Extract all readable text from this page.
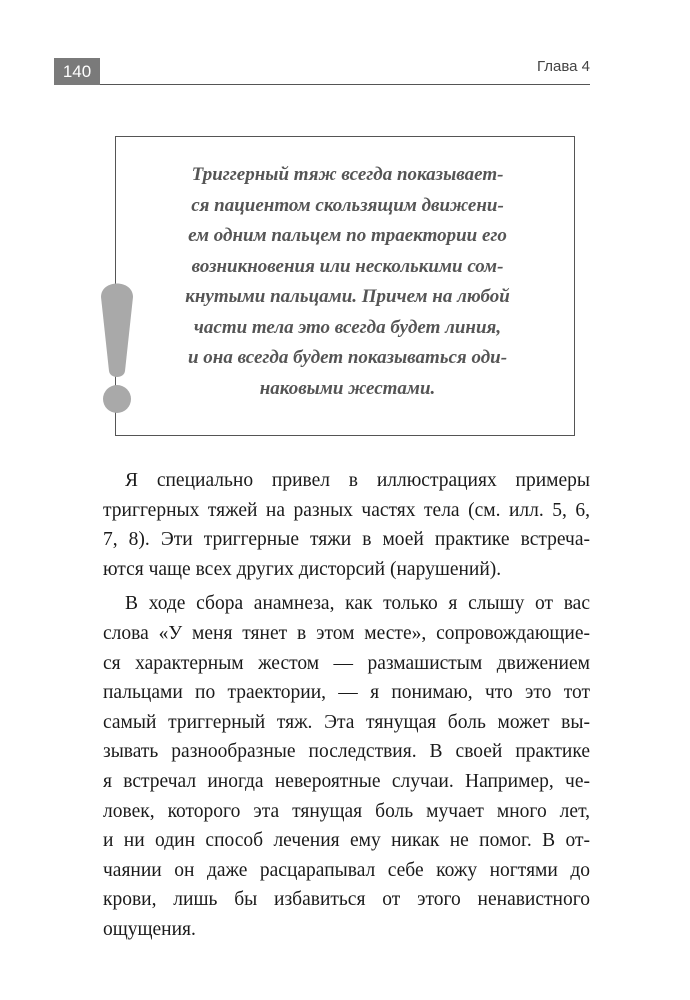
140	Глава 4

Триггерный тяж всегда показывает-
ся пациентом скользящим движени-
ем одним пальцем по траектории его
возникновения или несколькими сом-
кнутыми пальцами. Причем на любой
части тела это всегда будет линия,
и она всегда будет показываться оди-
наковыми жестами.

Я специально привел в иллюстрациях примеры
триггерных тяжей на разных частях тела (см. илл. 5, 6,
7, 8). Эти триггерные тяжи в моей практике встреча-
ются чаще всех других дисторсий (нарушений).
В ходе сбора анамнеза, как только я слышу от вас
слова «У меня тянет в этом месте», сопровождающие-
ся характерным жестом — размашистым движением
пальцами по траектории, — я понимаю, что это тот
самый триггерный тяж. Эта тянущая боль может вы-
зывать разнообразные последствия. В своей практике
я встречал иногда невероятные случаи. Например, че-
ловек, которого эта тянущая боль мучает много лет,
и ни один способ лечения ему никак не помог. В от-
чаянии он даже расцарапывал себе кожу ногтями до
крови, лишь бы избавиться от этого ненавистного
ощущения.
